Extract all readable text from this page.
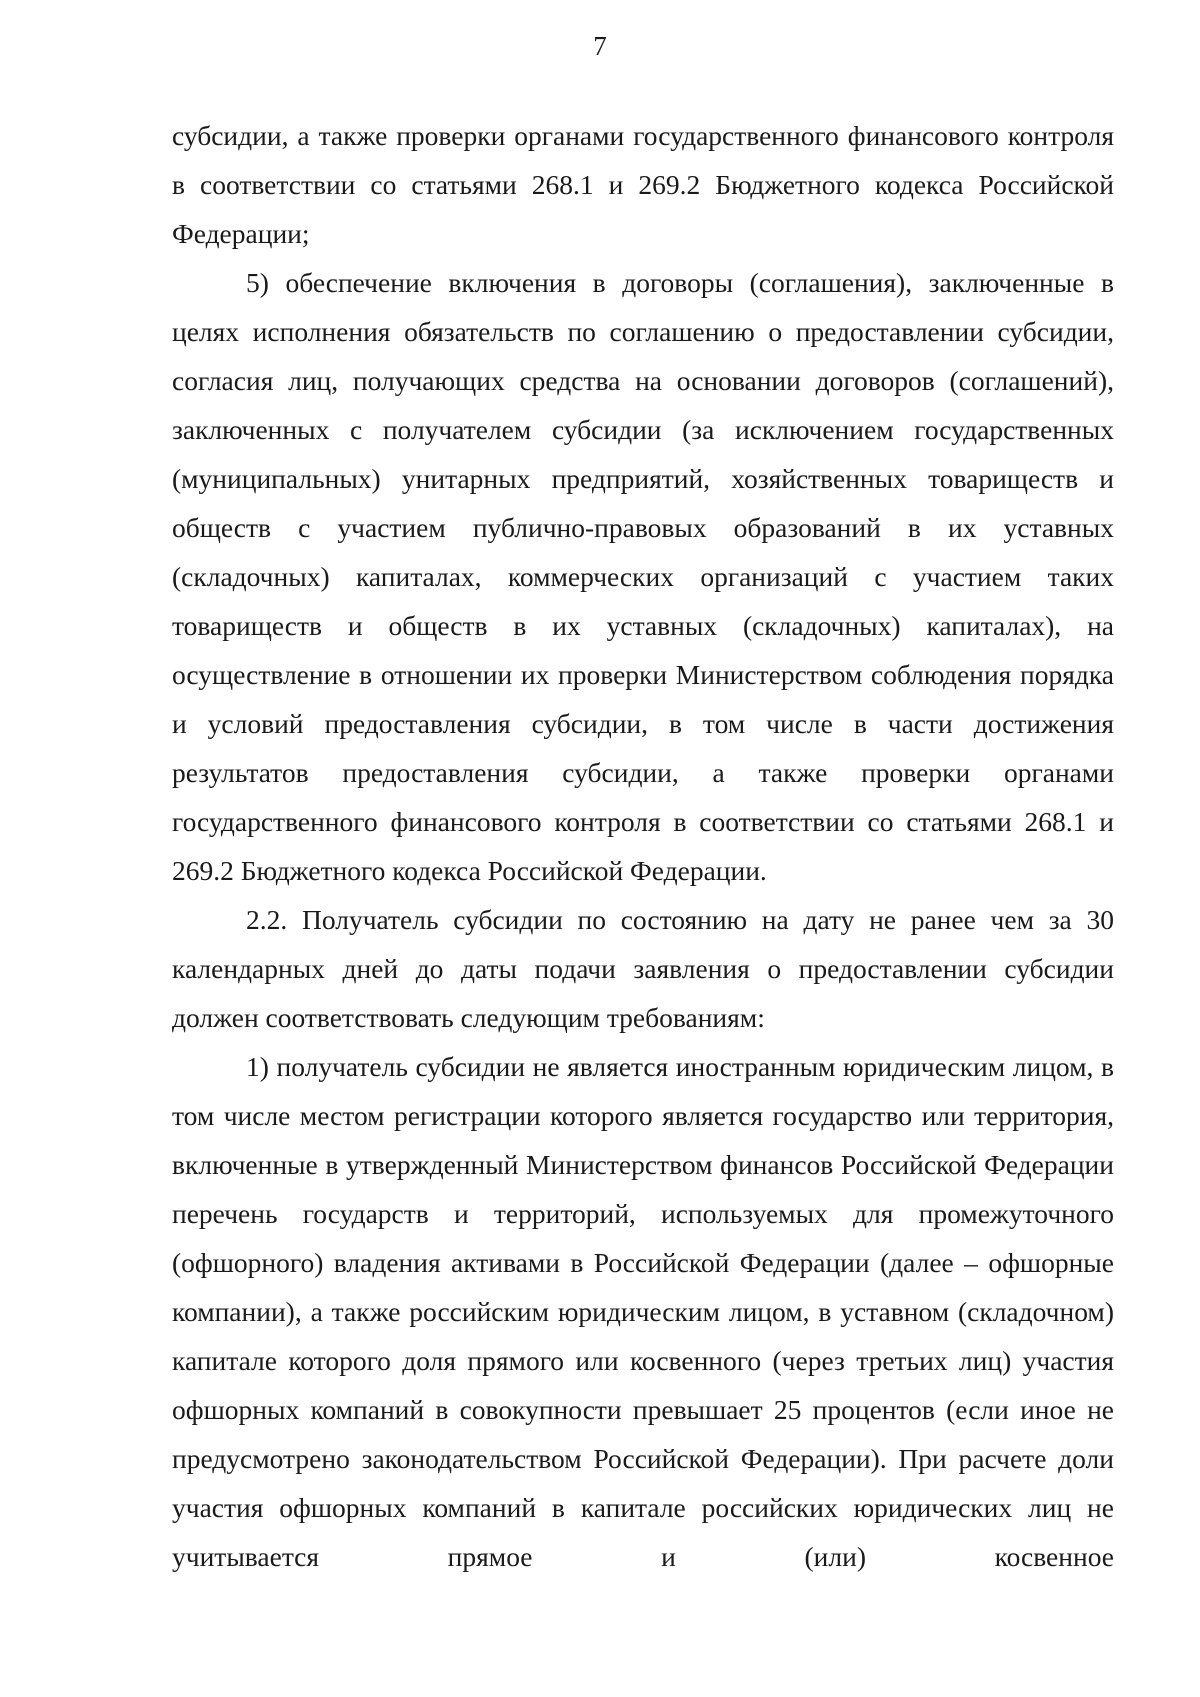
7

субсидии, а также проверки органами государственного финансового контроля в соответствии со статьями 268.1 и 269.2 Бюджетного кодекса Российской Федерации;

5) обеспечение включения в договоры (соглашения), заключенные в целях исполнения обязательств по соглашению о предоставлении субсидии, согласия лиц, получающих средства на основании договоров (соглашений), заключенных с получателем субсидии (за исключением государственных (муниципальных) унитарных предприятий, хозяйственных товариществ и обществ с участием публично-правовых образований в их уставных (складочных) капиталах, коммерческих организаций с участием таких товариществ и обществ в их уставных (складочных) капиталах), на осуществление в отношении их проверки Министерством соблюдения порядка и условий предоставления субсидии, в том числе в части достижения результатов предоставления субсидии, а также проверки органами государственного финансового контроля в соответствии со статьями 268.1 и 269.2 Бюджетного кодекса Российской Федерации.

2.2. Получатель субсидии по состоянию на дату не ранее чем за 30 календарных дней до даты подачи заявления о предоставлении субсидии должен соответствовать следующим требованиям:

1) получатель субсидии не является иностранным юридическим лицом, в том числе местом регистрации которого является государство или территория, включенные в утвержденный Министерством финансов Российской Федерации перечень государств и территорий, используемых для промежуточного (офшорного) владения активами в Российской Федерации (далее – офшорные компании), а также российским юридическим лицом, в уставном (складочном) капитале которого доля прямого или косвенного (через третьих лиц) участия офшорных компаний в совокупности превышает 25 процентов (если иное не предусмотрено законодательством Российской Федерации). При расчете доли участия офшорных компаний в капитале российских юридических лиц не учитывается прямое и (или) косвенное
